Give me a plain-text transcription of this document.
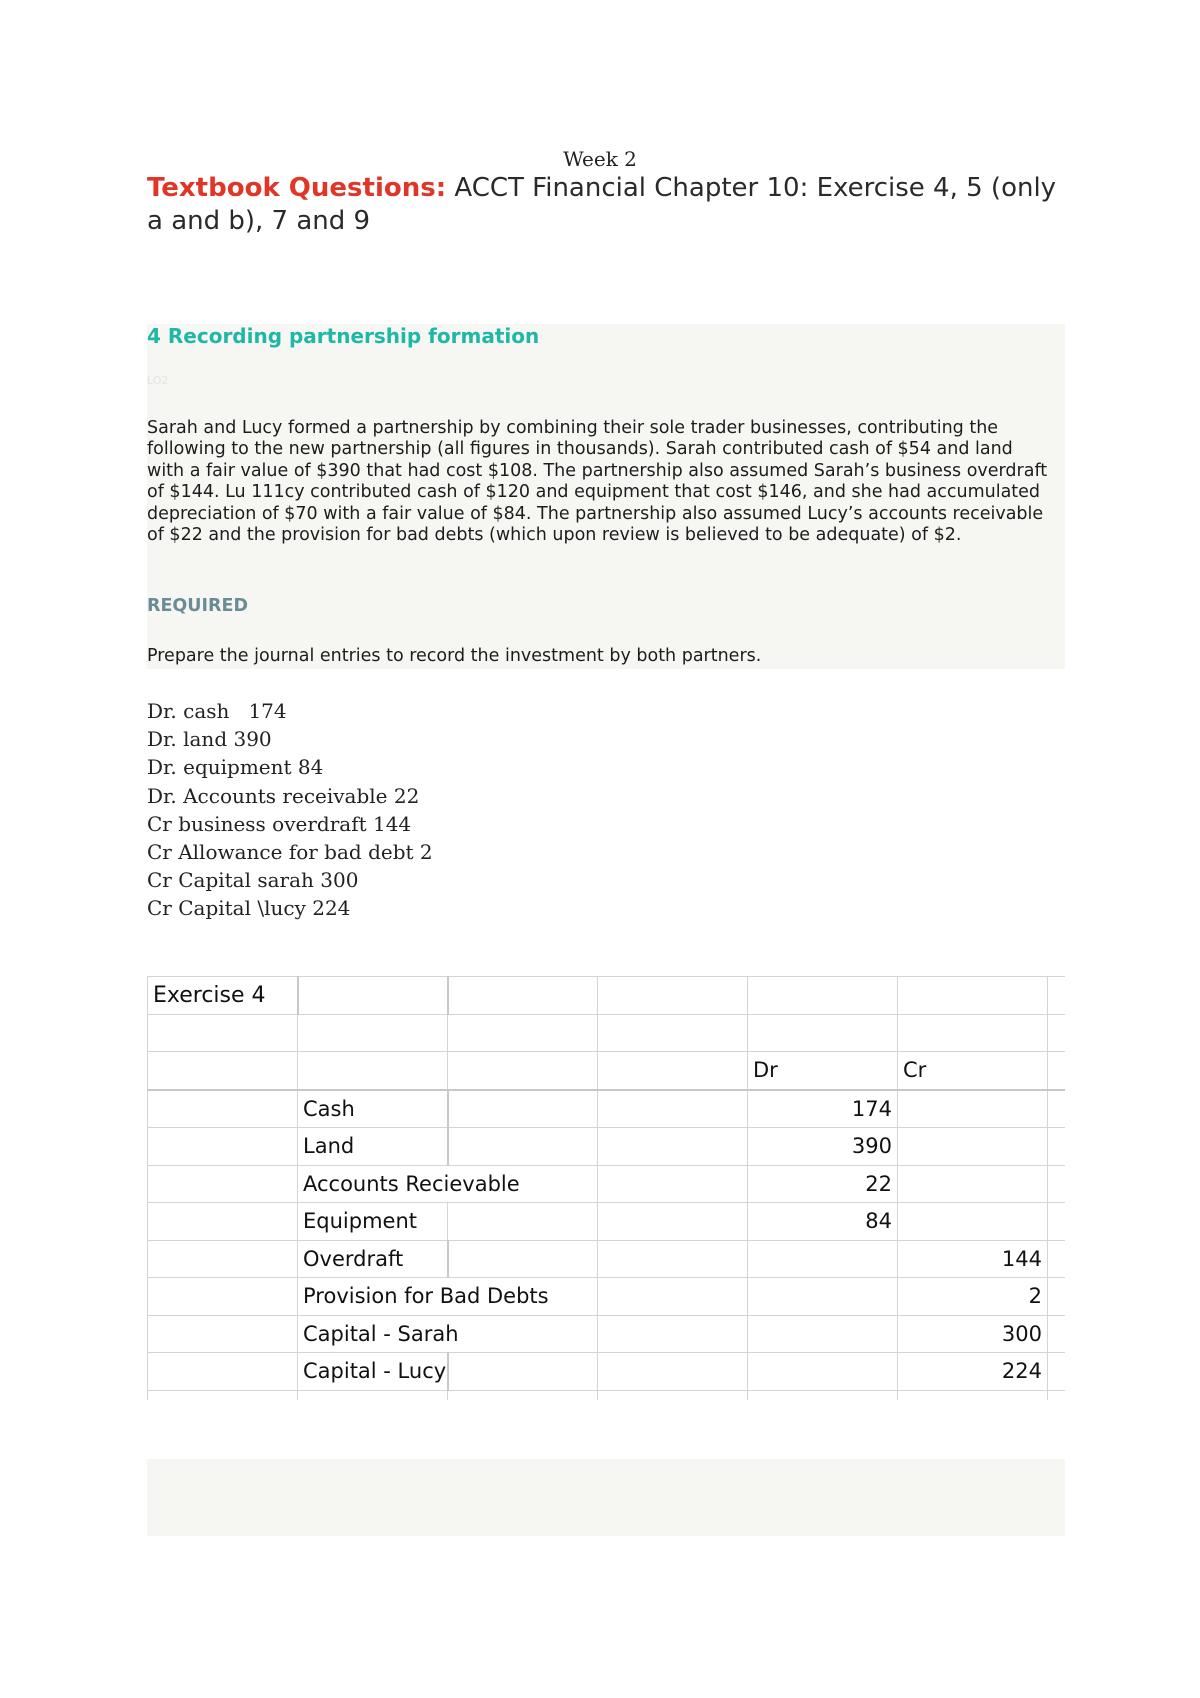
Week 2
Textbook Questions: ACCT Financial Chapter 10: Exercise 4, 5 (only a and b), 7 and 9
4 Recording partnership formation
LO2
Sarah and Lucy formed a partnership by combining their sole trader businesses, contributing the following to the new partnership (all figures in thousands). Sarah contributed cash of $54 and land with a fair value of $390 that had cost $108. The partnership also assumed Sarah’s business overdraft of $144. Lu 111cy contributed cash of $120 and equipment that cost $146, and she had accumulated depreciation of $70 with a fair value of $84. The partnership also assumed Lucy’s accounts receivable of $22 and the provision for bad debts (which upon review is believed to be adequate) of $2.
REQUIRED
Prepare the journal entries to record the investment by both partners.
Dr. cash   174
Dr. land 390
Dr. equipment 84
Dr. Accounts receivable 22
Cr business overdraft 144
Cr Allowance for bad debt 2
Cr Capital sarah 300
Cr Capital \lucy 224
Exercise 4						

				Dr	Cr	
	Cash			174		
	Land			390		
	Accounts Recievable			22		
	Equipment			84		
	Overdraft				144	
	Provision for Bad Debts				2	
	Capital - Sarah				300	
	Capital - Lucy				224	
